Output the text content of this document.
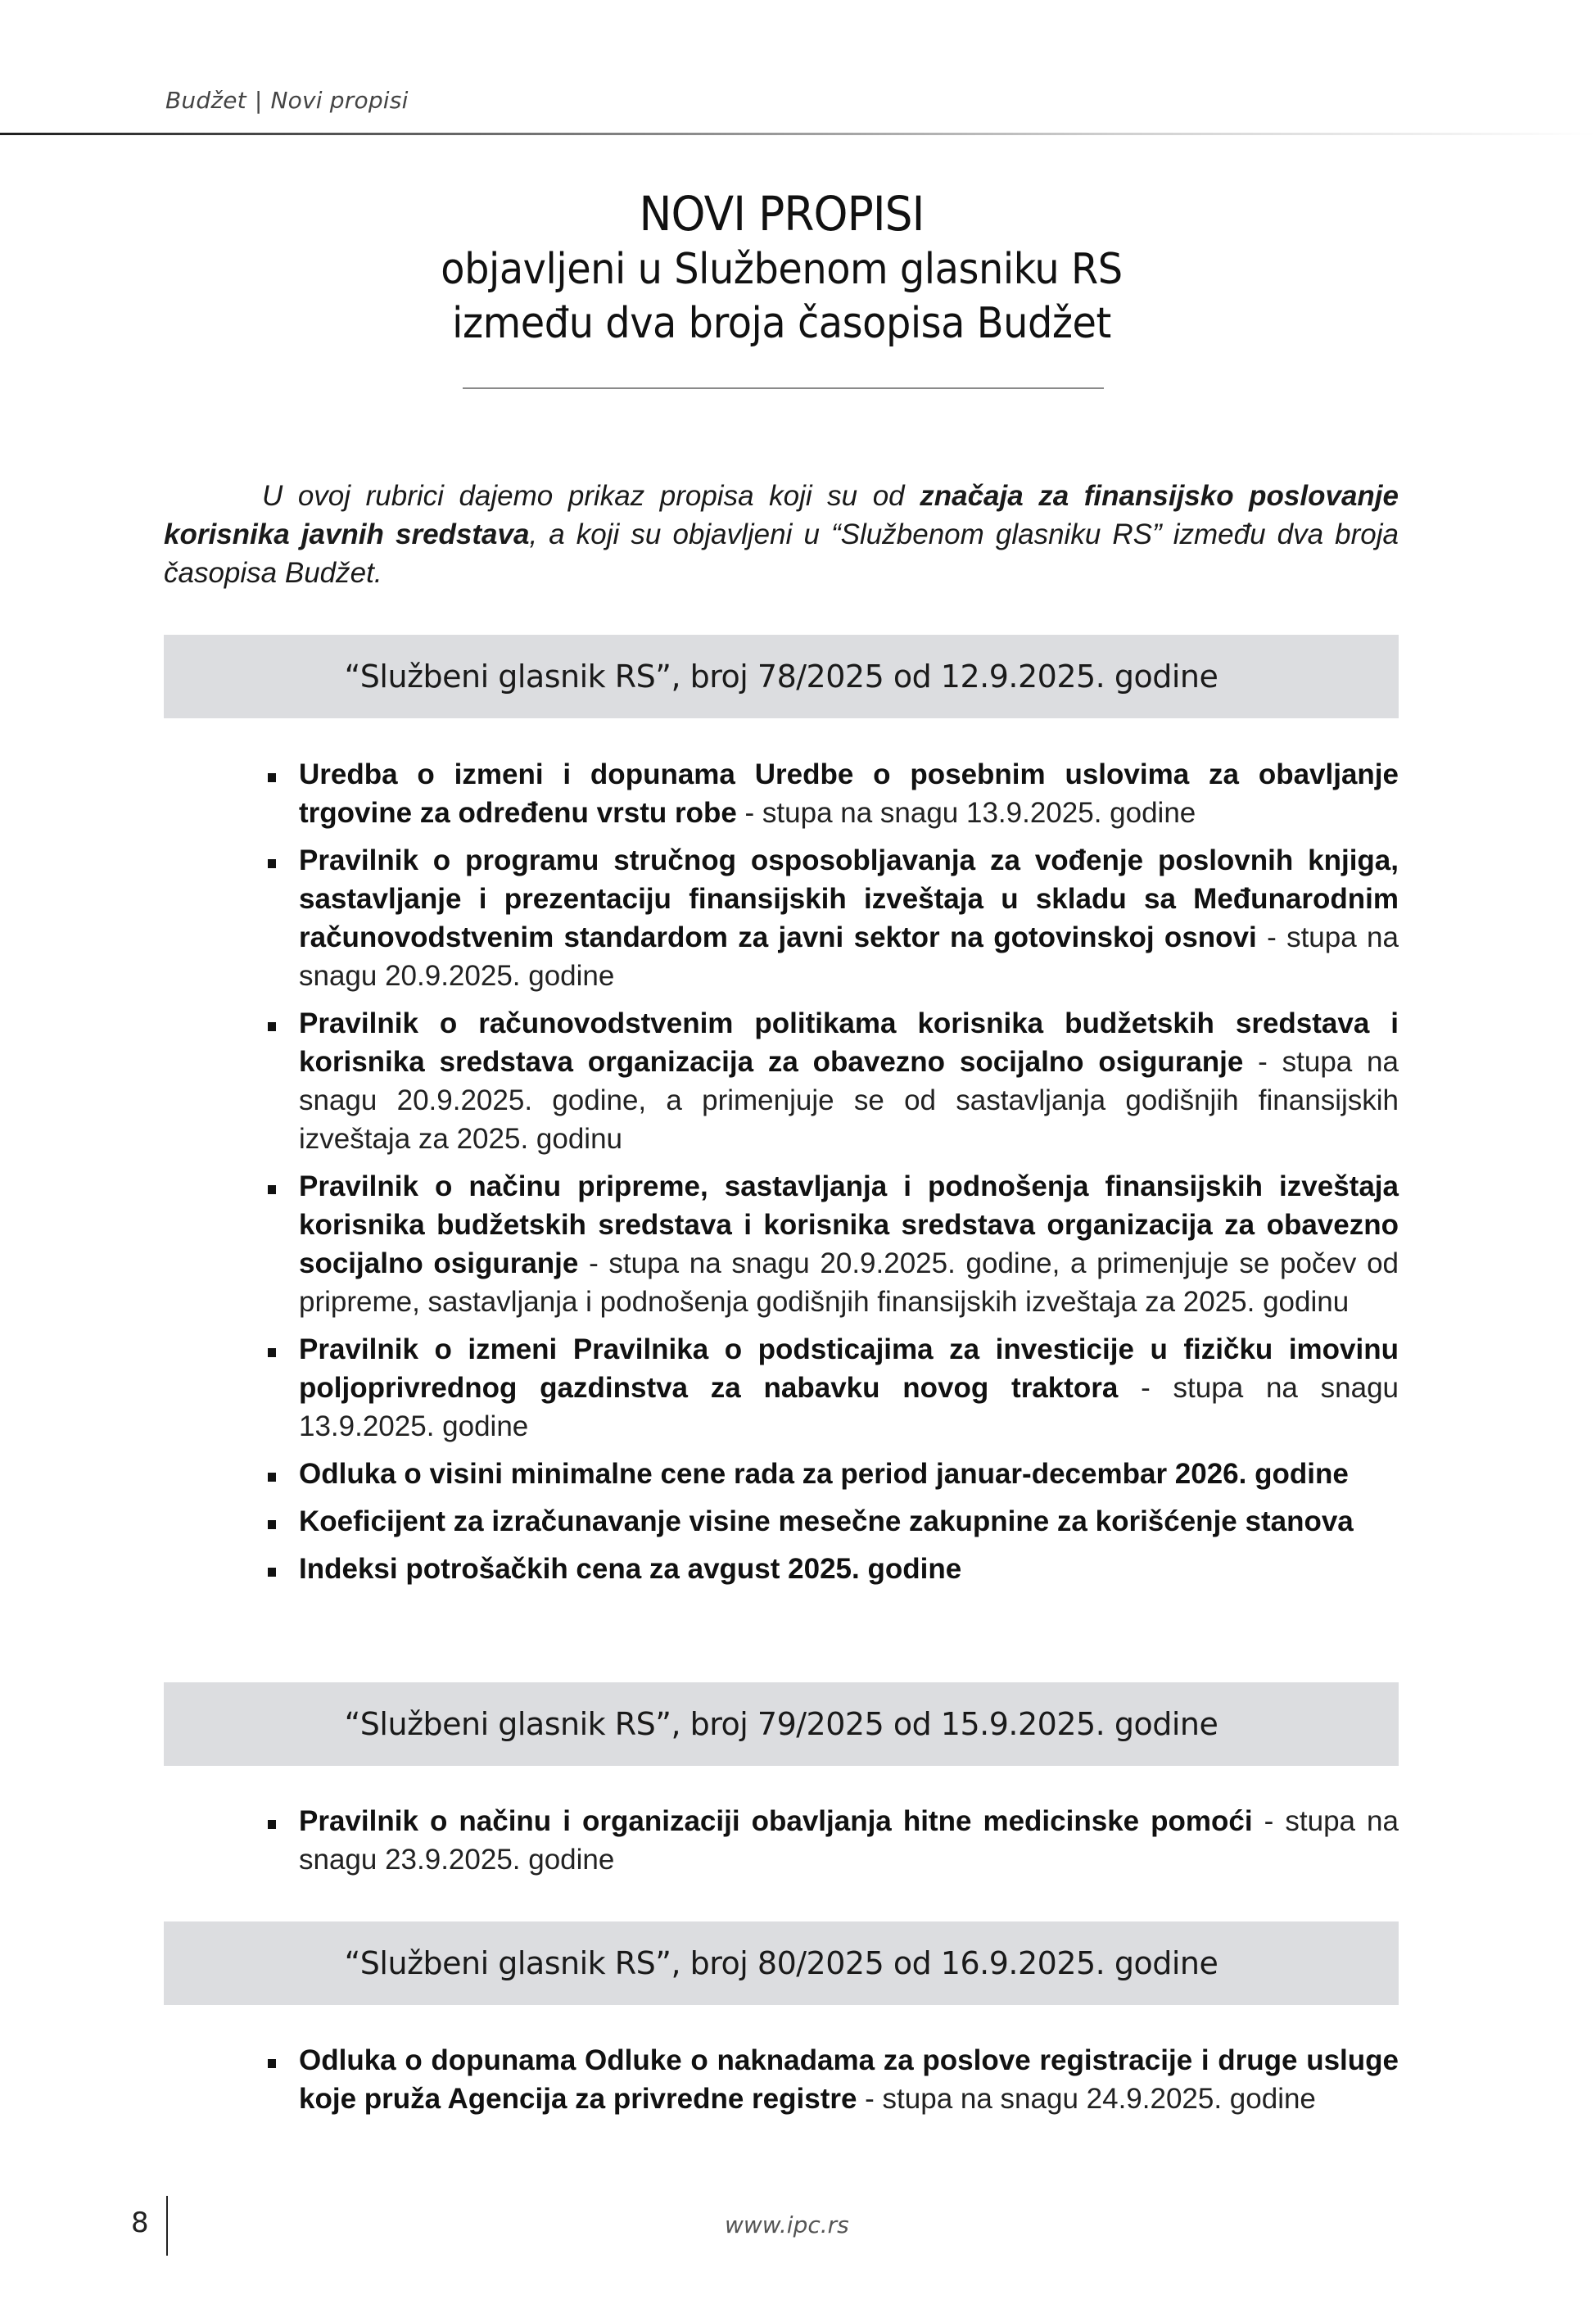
Budžet | Novi propisi
NOVI PROPISI
objavljeni u Službenom glasniku RS
između dva broja časopisa Budžet

U ovoj rubrici dajemo prikaz propisa koji su od značaja za finansijsko poslovanje korisnika javnih sredstava, a koji su objavljeni u “Službenom glasniku RS” između dva broja časopisa Budžet.

“Službeni glasnik RS”, broj 78/2025 od 12.9.2025. godine
Uredba o izmeni i dopunama Uredbe o posebnim uslovima za obavljanje trgovine za određenu vrstu robe - stupa na snagu 13.9.2025. godine
Pravilnik o programu stručnog osposobljavanja za vođenje poslovnih knjiga, sastavljanje i prezentaciju finansijskih izveštaja u skladu sa Međunarodnim računovodstvenim standardom za javni sektor na gotovinskoj osnovi - stupa na snagu 20.9.2025. godine
Pravilnik o računovodstvenim politikama korisnika budžetskih sredstava i korisnika sredstava organizacija za obavezno socijalno osiguranje - stupa na snagu 20.9.2025. godine, a primenjuje se od sastavljanja godišnjih finansijskih izveštaja za 2025. godinu
Pravilnik o načinu pripreme, sastavljanja i podnošenja finansijskih izveštaja korisnika budžetskih sredstava i korisnika sredstava organizacija za obavezno socijalno osiguranje - stupa na snagu 20.9.2025. godine, a primenjuje se počev od pripreme, sastavljanja i podnošenja godišnjih finansijskih izveštaja za 2025. godinu
Pravilnik o izmeni Pravilnika o podsticajima za investicije u fizičku imovinu poljoprivrednog gazdinstva za nabavku novog traktora - stupa na snagu 13.9.2025. godine
Odluka o visini minimalne cene rada za period januar-decembar 2026. godine
Koeficijent za izračunavanje visine mesečne zakupnine za korišćenje stanova
Indeksi potrošačkih cena za avgust 2025. godine
“Službeni glasnik RS”, broj 79/2025 od 15.9.2025. godine
Pravilnik o načinu i organizaciji obavljanja hitne medicinske pomoći - stupa na snagu 23.9.2025. godine
“Službeni glasnik RS”, broj 80/2025 od 16.9.2025. godine
Odluka o dopunama Odluke o naknadama za poslove registracije i druge usluge koje pruža Agencija za privredne registre - stupa na snagu 24.9.2025. godine
8	www.ipc.rs
